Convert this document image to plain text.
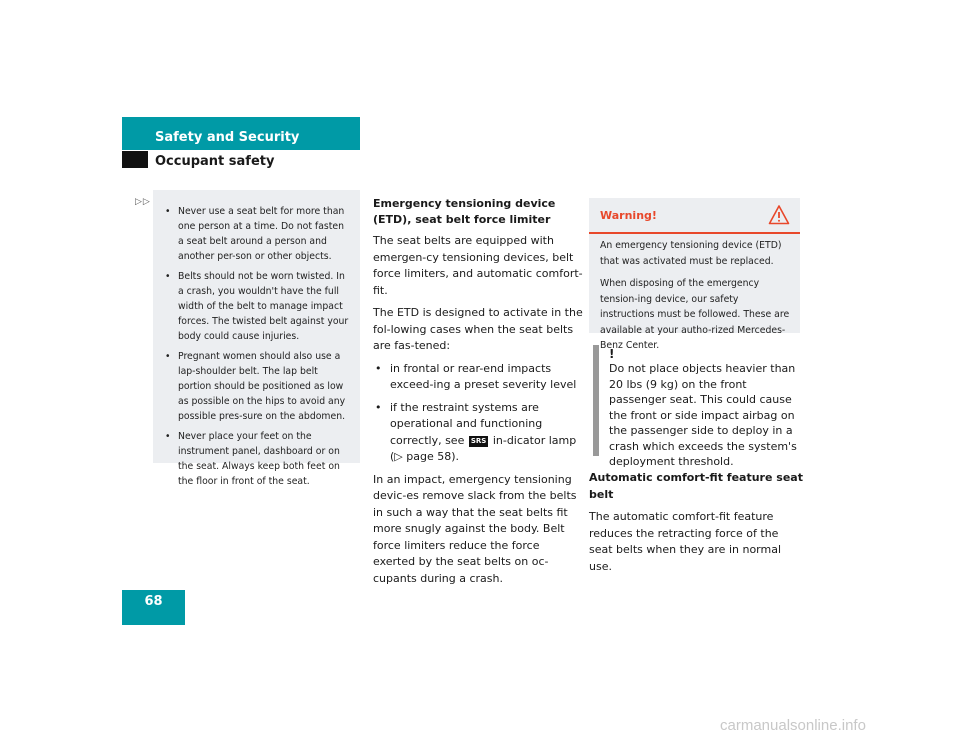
Safety and Security
Occupant safety
▷▷
• Never use a seat belt for more than one person at a time. Do not fasten a seat belt around a person and another per-son or other objects.
• Belts should not be worn twisted. In a crash, you wouldn't have the full width of the belt to manage impact forces. The twisted belt against your body could cause injuries.
• Pregnant women should also use a lap-shoulder belt. The lap belt portion should be positioned as low as possible on the hips to avoid any possible pres-sure on the abdomen.
• Never place your feet on the instrument panel, dashboard or on the seat. Always keep both feet on the floor in front of the seat.
Emergency tensioning device (ETD), seat belt force limiter

The seat belts are equipped with emergen-cy tensioning devices, belt force limiters, and automatic comfort-fit.

The ETD is designed to activate in the fol-lowing cases when the seat belts are fas-tened:

• in frontal or rear-end impacts exceed-ing a preset severity level
• if the restraint systems are operational and functioning correctly, see SRS in-dicator lamp (▷ page 58).

In an impact, emergency tensioning devic-es remove slack from the belts in such a way that the seat belts fit more snugly against the body. Belt force limiters reduce the force exerted by the seat belts on oc-cupants during a crash.

Warning!

An emergency tensioning device (ETD) that was activated must be replaced.

When disposing of the emergency tension-ing device, our safety instructions must be followed. These are available at your autho-rized Mercedes-Benz Center.

!
Do not place objects heavier than 20 lbs (9 kg) on the front passenger seat. This could cause the front or side impact airbag on the passenger side to deploy in a crash which exceeds the system's deployment threshold.
Automatic comfort-fit feature seat belt

The automatic comfort-fit feature reduces the retracting force of the seat belts when they are in normal use.

68
carmanualsonline.info
